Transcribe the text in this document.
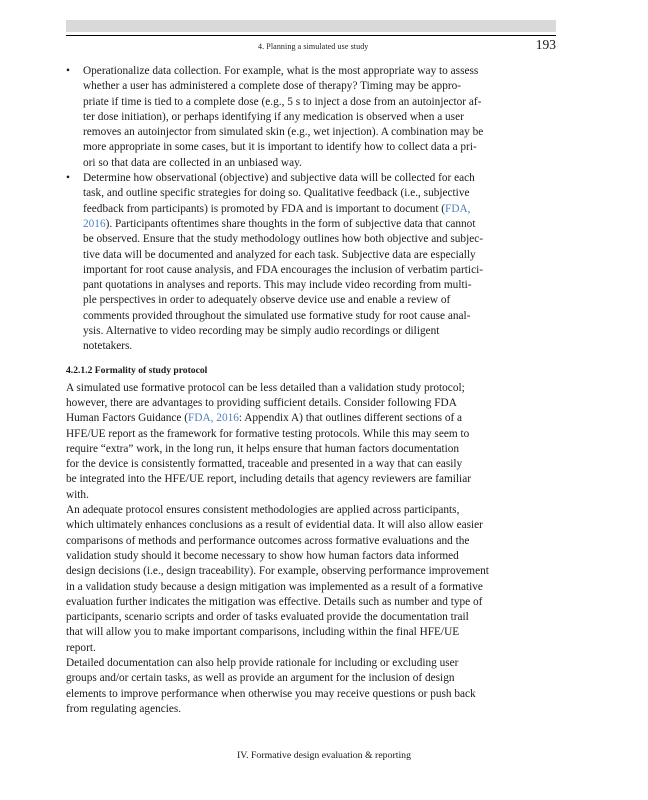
4. Planning a simulated use study	193
• Operationalize data collection. For example, what is the most appropriate way to assess
whether a user has administered a complete dose of therapy? Timing may be appro-
priate if time is tied to a complete dose (e.g., 5 s to inject a dose from an autoinjector af-
ter dose initiation), or perhaps identifying if any medication is observed when a user
removes an autoinjector from simulated skin (e.g., wet injection). A combination may be
more appropriate in some cases, but it is important to identify how to collect data a pri-
ori so that data are collected in an unbiased way.
• Determine how observational (objective) and subjective data will be collected for each
task, and outline specific strategies for doing so. Qualitative feedback (i.e., subjective
feedback from participants) is promoted by FDA and is important to document (FDA,
2016). Participants oftentimes share thoughts in the form of subjective data that cannot
be observed. Ensure that the study methodology outlines how both objective and subjec-
tive data will be documented and analyzed for each task. Subjective data are especially
important for root cause analysis, and FDA encourages the inclusion of verbatim partici-
pant quotations in analyses and reports. This may include video recording from multi-
ple perspectives in order to adequately observe device use and enable a review of
comments provided throughout the simulated use formative study for root cause anal-
ysis. Alternative to video recording may be simply audio recordings or diligent
notetakers.
4.2.1.2 Formality of study protocol
A simulated use formative protocol can be less detailed than a validation study protocol;
however, there are advantages to providing sufficient details. Consider following FDA
Human Factors Guidance (FDA, 2016: Appendix A) that outlines different sections of a
HFE/UE report as the framework for formative testing protocols. While this may seem to
require “extra” work, in the long run, it helps ensure that human factors documentation
for the device is consistently formatted, traceable and presented in a way that can easily
be integrated into the HFE/UE report, including details that agency reviewers are familiar
with.
An adequate protocol ensures consistent methodologies are applied across participants,
which ultimately enhances conclusions as a result of evidential data. It will also allow easier
comparisons of methods and performance outcomes across formative evaluations and the
validation study should it become necessary to show how human factors data informed
design decisions (i.e., design traceability). For example, observing performance improvement
in a validation study because a design mitigation was implemented as a result of a formative
evaluation further indicates the mitigation was effective. Details such as number and type of
participants, scenario scripts and order of tasks evaluated provide the documentation trail
that will allow you to make important comparisons, including within the final HFE/UE
report.
Detailed documentation can also help provide rationale for including or excluding user
groups and/or certain tasks, as well as provide an argument for the inclusion of design
elements to improve performance when otherwise you may receive questions or push back
from regulating agencies.
IV. Formative design evaluation & reporting
